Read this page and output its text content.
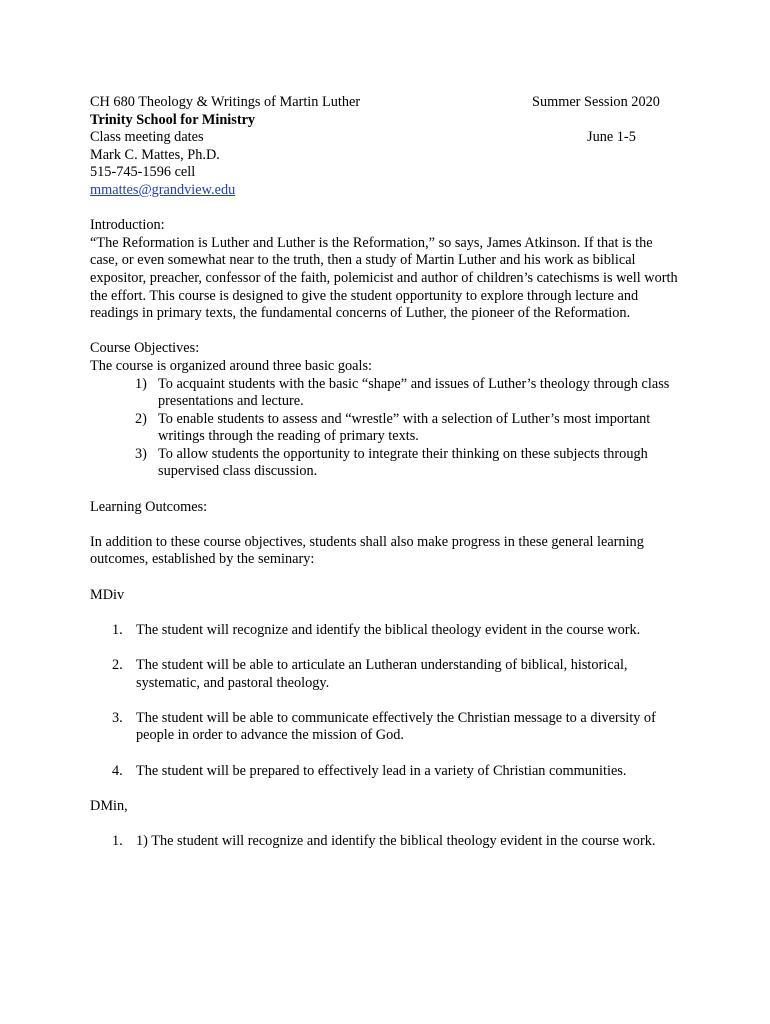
CH 680 Theology & Writings of Martin Luther	Summer Session 2020
Trinity School for Ministry
Class meeting dates	June 1-5
Mark C. Mattes, Ph.D.
515-745-1596 cell
mmattes@grandview.edu

Introduction:

“The Reformation is Luther and Luther is the Reformation,” so says, James Atkinson. If that is the case, or even somewhat near to the truth, then a study of Martin Luther and his work as biblical expositor, preacher, confessor of the faith, polemicist and author of children’s catechisms is well worth the effort. This course is designed to give the student opportunity to explore through lecture and readings in primary texts, the fundamental concerns of Luther, the pioneer of the Reformation.

Course Objectives:

The course is organized around three basic goals:

1) To acquaint students with the basic “shape” and issues of Luther’s theology through class presentations and lecture.
2) To enable students to assess and “wrestle” with a selection of Luther’s most important writings through the reading of primary texts.
3) To allow students the opportunity to integrate their thinking on these subjects through supervised class discussion.

Learning Outcomes:

In addition to these course objectives, students shall also make progress in these general learning outcomes, established by the seminary:

MDiv

1. The student will recognize and identify the biblical theology evident in the course work.
2. The student will be able to articulate an Lutheran understanding of biblical, historical, systematic, and pastoral theology.
3. The student will be able to communicate effectively the Christian message to a diversity of people in order to advance the mission of God.
4. The student will be prepared to effectively lead in a variety of Christian communities.

DMin,

1. 1) The student will recognize and identify the biblical theology evident in the course work.
